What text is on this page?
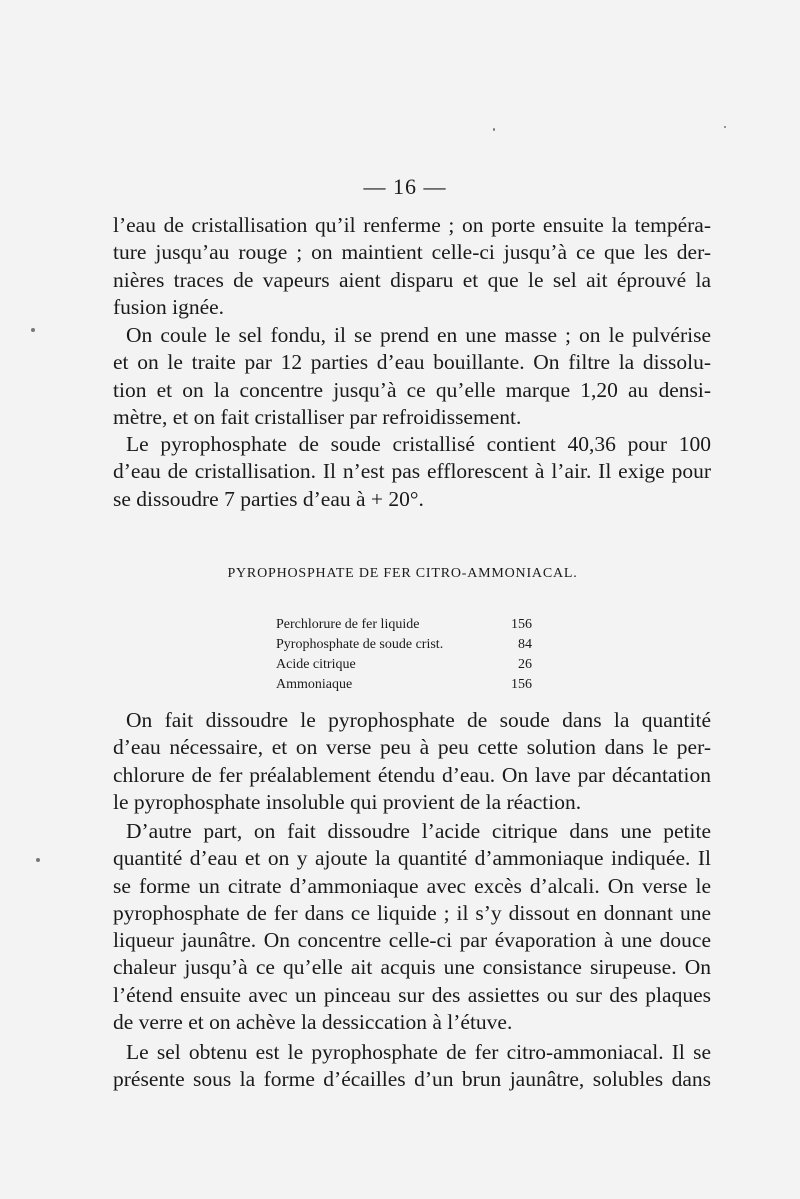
— 16 —

l’eau de cristallisation qu’il renferme ; on porte ensuite la tempéra-
ture jusqu’au rouge ; on maintient celle-ci jusqu’à ce que les der-
nières traces de vapeurs aient disparu et que le sel ait éprouvé la
fusion ignée.

On coule le sel fondu, il se prend en une masse ; on le pulvérise
et on le traite par 12 parties d’eau bouillante. On filtre la dissolu-
tion et on la concentre jusqu’à ce qu’elle marque 1,20 au densi-
mètre, et on fait cristalliser par refroidissement.

Le pyrophosphate de soude cristallisé contient 40,36 pour 100
d’eau de cristallisation. Il n’est pas efflorescent à l’air. Il exige pour
se dissoudre 7 parties d’eau à + 20°.

PYROPHOSPHATE DE FER CITRO-AMMONIACAL.
Perchlorure de fer liquide	156
Pyrophosphate de soude crist.	84
Acide citrique	26
Ammoniaque	156

On fait dissoudre le pyrophosphate de soude dans la quantité
d’eau nécessaire, et on verse peu à peu cette solution dans le per-
chlorure de fer préalablement étendu d’eau. On lave par décantation
le pyrophosphate insoluble qui provient de la réaction.

D’autre part, on fait dissoudre l’acide citrique dans une petite
quantité d’eau et on y ajoute la quantité d’ammoniaque indiquée. Il
se forme un citrate d’ammoniaque avec excès d’alcali. On verse le
pyrophosphate de fer dans ce liquide ; il s’y dissout en donnant une
liqueur jaunâtre. On concentre celle-ci par évaporation à une douce
chaleur jusqu’à ce qu’elle ait acquis une consistance sirupeuse. On
l’étend ensuite avec un pinceau sur des assiettes ou sur des plaques
de verre et on achève la dessiccation à l’étuve.

Le sel obtenu est le pyrophosphate de fer citro-ammoniacal. Il se
présente sous la forme d’écailles d’un brun jaunâtre, solubles dans
